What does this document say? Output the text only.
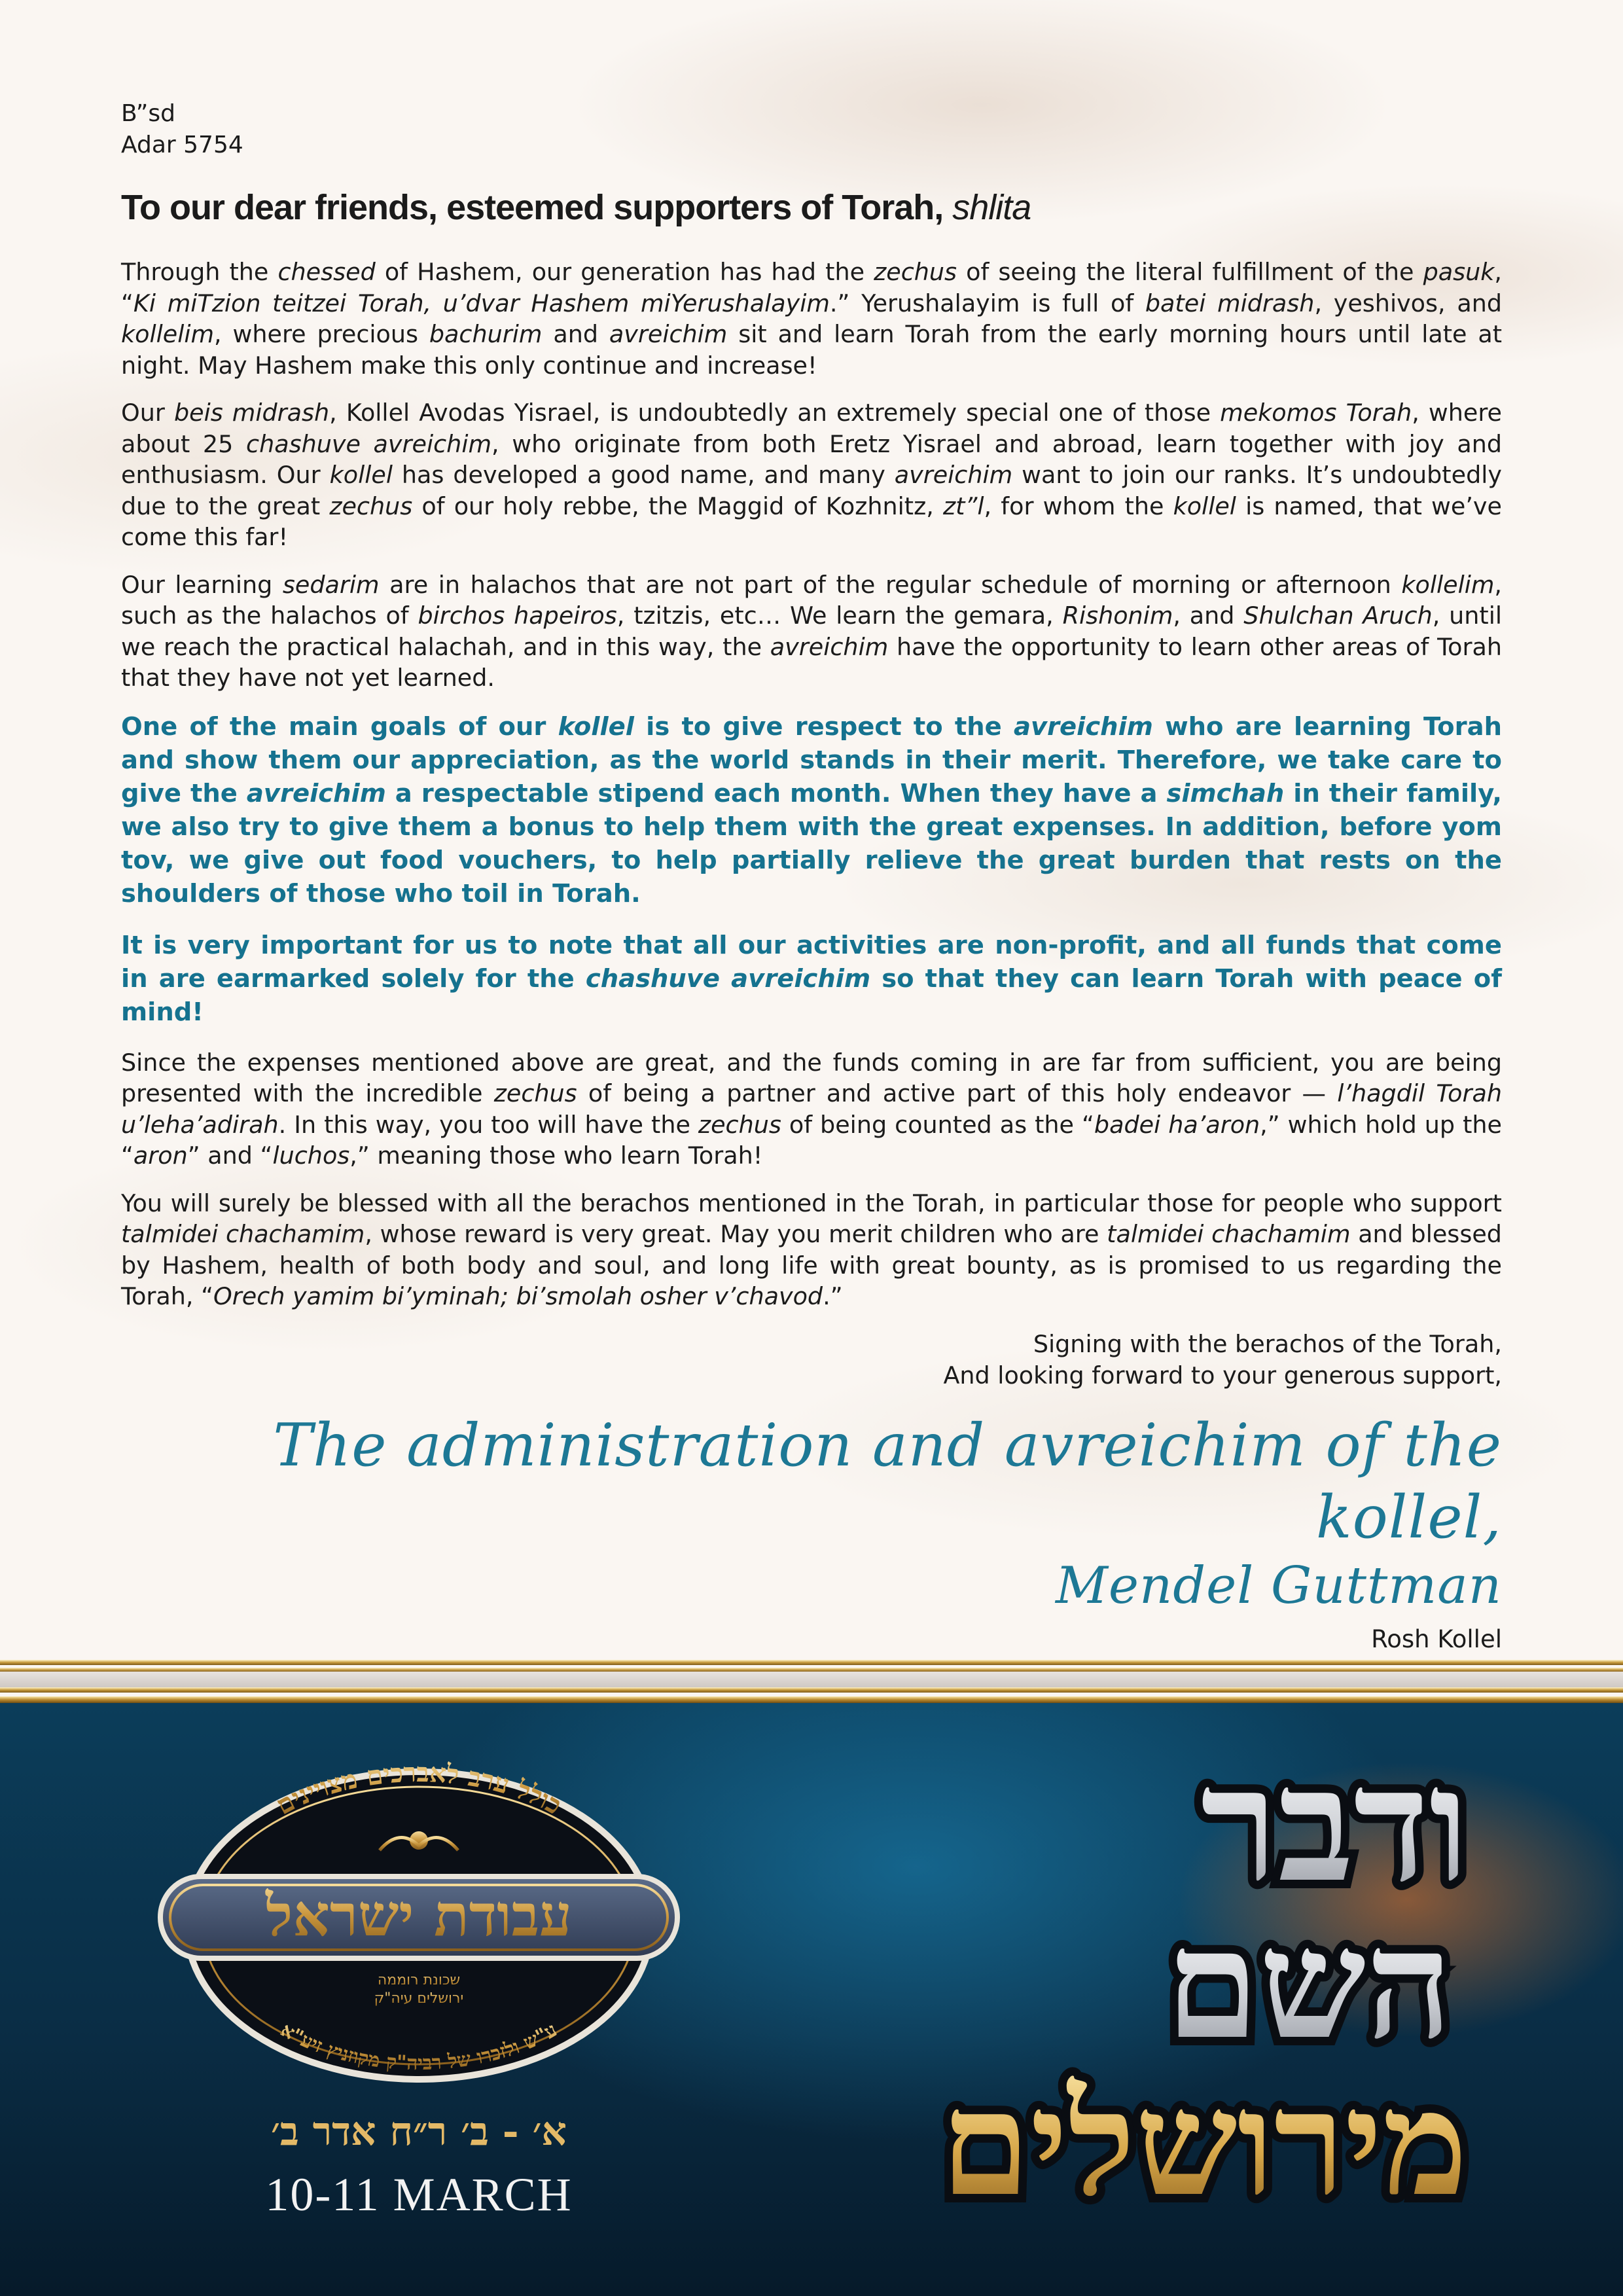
B”sd

Adar 5754

To our dear friends, esteemed supporters of Torah, shlita

Through the chessed of Hashem, our generation has had the zechus of seeing the literal fulfillment of the pasuk, “Ki miTzion teitzei Torah, u’dvar Hashem miYerushalayim.” Yerushalayim is full of batei midrash, yeshivos, and kollelim, where precious bachurim and avreichim sit and learn Torah from the early morning hours until late at night. May Hashem make this only continue and increase!

Our beis midrash, Kollel Avodas Yisrael, is undoubtedly an extremely special one of those mekomos Torah, where about 25 chashuve avreichim, who originate from both Eretz Yisrael and abroad, learn together with joy and enthusiasm. Our kollel has developed a good name, and many avreichim want to join our ranks. It’s undoubtedly due to the great zechus of our holy rebbe, the Maggid of Kozhnitz, zt”l, for whom the kollel is named, that we’ve come this far!

Our learning sedarim are in halachos that are not part of the regular schedule of morning or afternoon kollelim, such as the halachos of birchos hapeiros, tzitzis, etc… We learn the gemara, Rishonim, and Shulchan Aruch, until we reach the practical halachah, and in this way, the avreichim have the opportunity to learn other areas of Torah that they have not yet learned.

One of the main goals of our kollel is to give respect to the avreichim who are learning Torah and show them our appreciation, as the world stands in their merit. Therefore, we take care to give the avreichim a respectable stipend each month. When they have a simchah in their family, we also try to give them a bonus to help them with the great expenses. In addition, before yom tov, we give out food vouchers, to help partially relieve the great burden that rests on the shoulders of those who toil in Torah.

It is very important for us to note that all our activities are non-profit, and all funds that come in are earmarked solely for the chashuve avreichim so that they can learn Torah with peace of mind!

Since the expenses mentioned above are great, and the funds coming in are far from sufficient, you are being presented with the incredible zechus of being a partner and active part of this holy endeavor — l’hagdil Torah u’leha’adirah. In this way, you too will have the zechus of being counted as the “badei ha’aron,” which hold up the “aron” and “luchos,” meaning those who learn Torah!

You will surely be blessed with all the berachos mentioned in the Torah, in particular those for people who support talmidei chachamim, whose reward is very great. May you merit children who are talmidei chachamim and blessed by Hashem, health of both body and soul, and long life with great bounty, as is promised to us regarding the Torah, “Orech yamim bi’yminah; bi’smolah osher v’chavod.”

Signing with the berachos of the Torah,
And looking forward to your generous support,
The administration and avreichim of the kollel,
Mendel Guttman
Rosh Kollel
כולל ערב לאברכים מצויינים
עבודת ישראל
שכונת רוממה
ירושלים עיה"ק
ע"ש ולזכרו של רביה"ק מקוזניץ זיע"א
א׳ - ב׳ ר״ח אדר ב׳
10-11 MARCH
ודבר
השם
מירושלים
